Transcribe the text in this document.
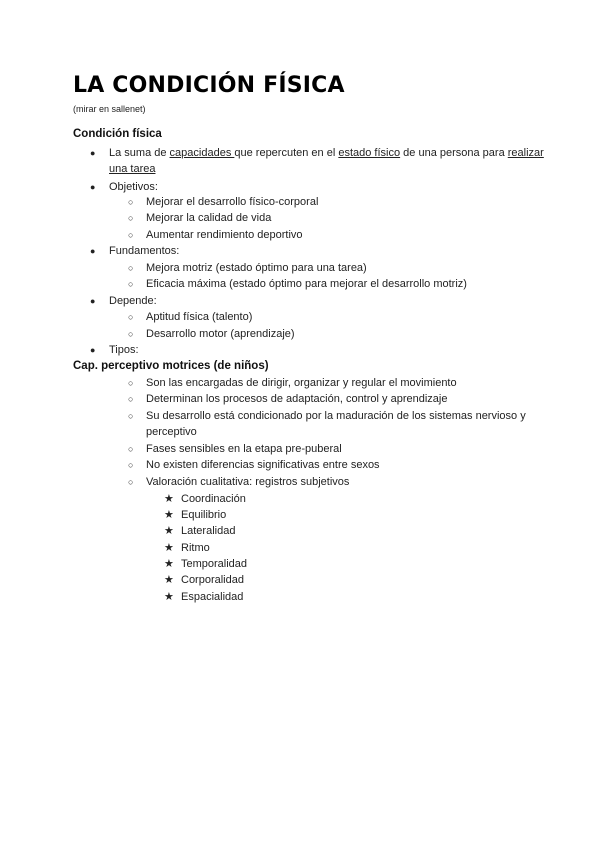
LA CONDICIÓN FÍSICA
(mirar en sallenet)
Condición física
● La suma de capacidades que repercuten en el estado físico de una persona para realizar
una tarea
● Objetivos:
○ Mejorar el desarrollo físico-corporal
○ Mejorar la calidad de vida
○ Aumentar rendimiento deportivo
● Fundamentos:
○ Mejora motriz (estado óptimo para una tarea)
○ Eficacia máxima (estado óptimo para mejorar el desarrollo motriz)
● Depende:
○ Aptitud física (talento)
○ Desarrollo motor (aprendizaje)
● Tipos:
Cap. perceptivo motrices (de niños)
○ Son las encargadas de dirigir, organizar y regular el movimiento
○ Determinan los procesos de adaptación, control y aprendizaje
○ Su desarrollo está condicionado por la maduración de los sistemas nervioso y
perceptivo
○ Fases sensibles en la etapa pre-puberal
○ No existen diferencias significativas entre sexos
○ Valoración cualitativa: registros subjetivos
★ Coordinación
★ Equilibrio
★ Lateralidad
★ Ritmo
★ Temporalidad
★ Corporalidad
★ Espacialidad
